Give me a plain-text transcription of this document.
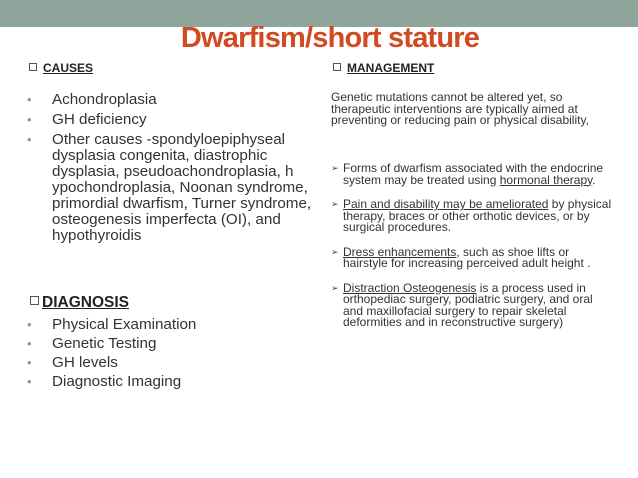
Dwarfism/short stature
CAUSES
• Achondroplasia
• GH deficiency
• Other causes -spondyloepiphyseal dysplasia congenita, diastrophic dysplasia, pseudoachondroplasia, h ypochondroplasia, Noonan syndrome, primordial dwarfism, Turner syndrome, osteogenesis imperfecta (OI), and hypothyroidis
DIAGNOSIS
• Physical Examination
• Genetic Testing
• GH levels
• Diagnostic Imaging
MANAGEMENT
Genetic mutations cannot be altered yet, so therapeutic interventions are typically aimed at preventing or reducing pain or physical disability,
➢ Forms of dwarfism associated with the endocrine system may be treated using hormonal therapy.
➢ Pain and disability may be ameliorated by physical therapy, braces or other orthotic devices, or by surgical procedures.
➢ Dress enhancements, such as shoe lifts or hairstyle for increasing perceived adult height .
➢ Distraction Osteogenesis is a process used in orthopediac surgery, podiatric surgery, and oral and maxillofacial surgery to repair skeletal deformities and in reconstructive surgery)
